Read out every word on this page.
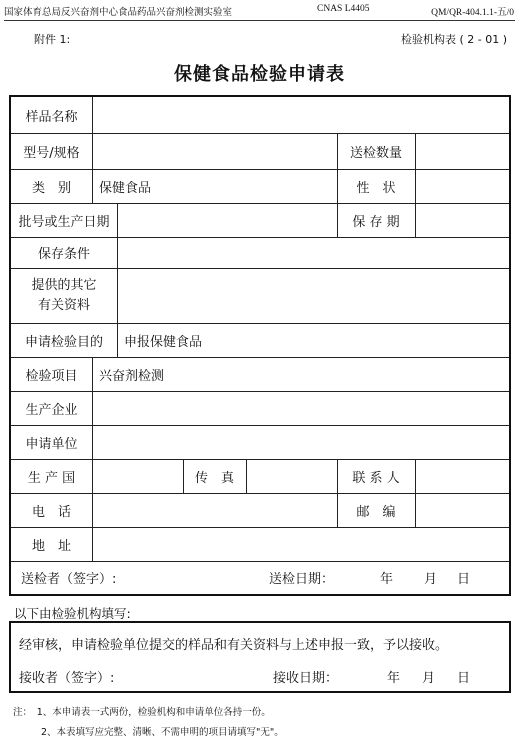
国家体育总局反兴奋剂中心食品药品兴奋剂检测实验室	CNAS L4405	QM/QR-404.1.1-五/0
附件 1:	检验机构表 ( 2 - 01 )
保健食品检验申请表
样品名称
型号/规格	送检数量
类　别	保健食品	性　状
批号或生产日期	保 存 期
保存条件
提供的其它
有关资料
申请检验目的	申报保健食品
检验项目	兴奋剂检测
生产企业
申请单位
生 产 国	传　真	联 系 人
电　话	邮　编
地　址
送检者（签字）:	送检日期：	年 月 日
以下由检验机构填写:
经审核，申请检验单位提交的样品和有关资料与上述申报一致，予以接收。
接收者（签字）:	接收日期：	年 月 日
注：　1、本申请表一式两份，检验机构和申请单位各持一份。
2、本表填写应完整、清晰、不需申明的项目请填写"无"。
